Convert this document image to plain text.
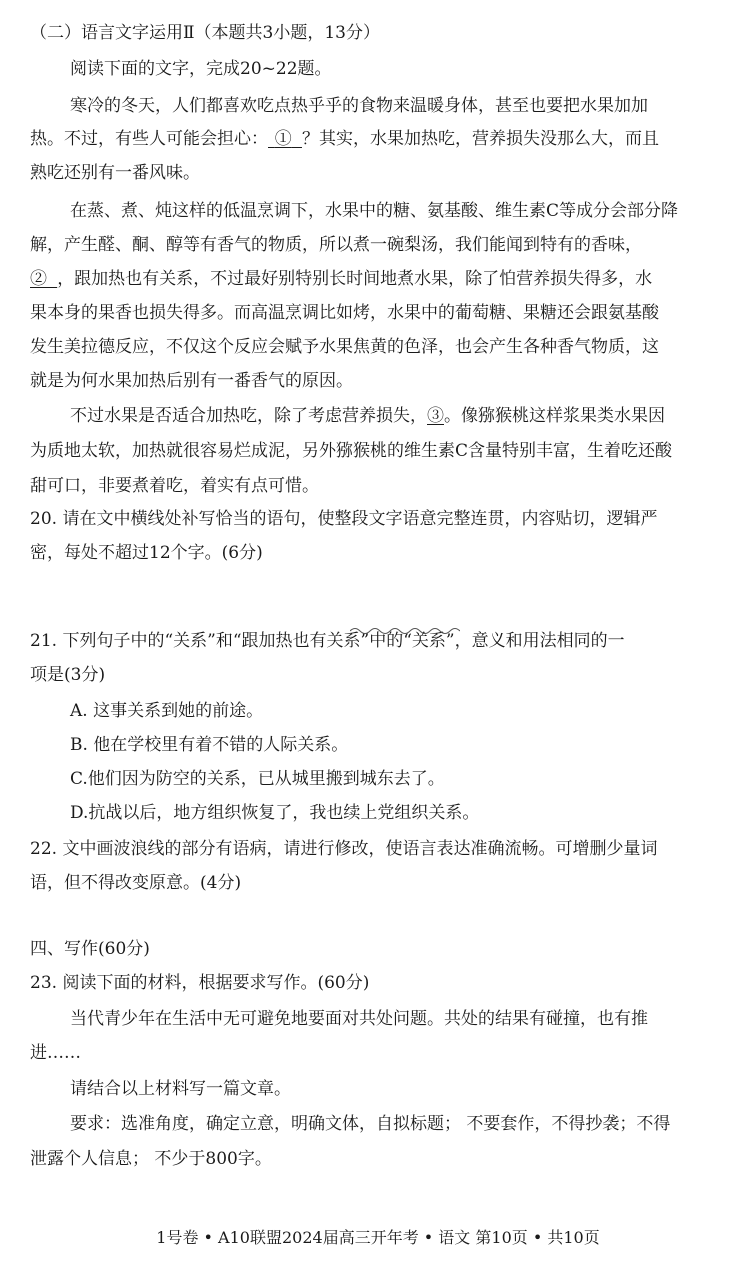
（二）语言文字运用Ⅱ（本题共3小题，13分）
阅读下面的文字，完成20~22题。
寒冷的冬天，人们都喜欢吃点热乎乎的食物来温暖身体，甚至也要把水果加加
热。不过，有些人可能会担心：   ①    ？其实，水果加热吃，营养损失没那么大，而且
熟吃还别有一番风味。
在蒸、煮、炖这样的低温烹调下，水果中的糖、氨基酸、维生素C等成分会部分降
解，产生醛、酮、醇等有香气的物质，所以煮一碗梨汤，我们能闻到特有的香味，
②    ，跟加热也有关系，不过最好别特别长时间地煮水果，除了怕营养损失得多，水
果本身的果香也损失得多。而高温烹调比如烤，水果中的葡萄糖、果糖还会跟氨基酸
发生美拉德反应，不仅这个反应会赋予水果焦黄的色泽，也会产生各种香气物质，这
就是为何水果加热后别有一番香气的原因。
不过水果是否适合加热吃，除了考虑营养损失，③。像猕猴桃这样浆果类水果因
为质地太软，加热就很容易烂成泥，另外猕猴桃的维生素C含量特别丰富，生着吃还酸
甜可口，非要煮着吃，着实有点可惜。
20. 请在文中横线处补写恰当的语句，使整段文字语意完整连贯，内容贴切，逻辑严
密，每处不超过12个字。(6分)
21. 下列句子中的“关系”和“跟加热也有关系”中的“关系”，意义和用法相同的一
项是(3分)
A. 这事关系到她的前途。
B. 他在学校里有着不错的人际关系。
C.他们因为防空的关系，已从城里搬到城东去了。
D.抗战以后，地方组织恢复了，我也续上党组织关系。
22. 文中画波浪线的部分有语病，请进行修改，使语言表达准确流畅。可增删少量词
语，但不得改变原意。(4分)
四、写作(60分)
23. 阅读下面的材料，根据要求写作。(60分)
当代青少年在生活中无可避免地要面对共处问题。共处的结果有碰撞，也有推
进……
请结合以上材料写一篇文章。
要求：选准角度，确定立意，明确文体，自拟标题； 不要套作，不得抄袭；不得
泄露个人信息； 不少于800字。
1号卷 • A10联盟2024届高三开年考 • 语文 第10页 • 共10页
